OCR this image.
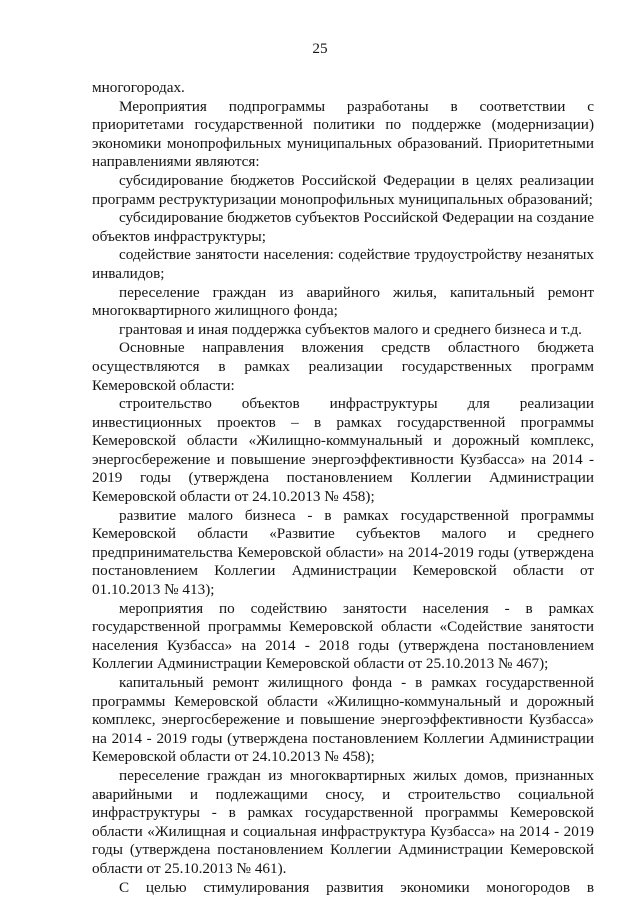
25

многогородах.

Мероприятия подпрограммы разработаны в соответствии с приоритетами государственной политики по поддержке (модернизации) экономики монопрофильных муниципальных образований. Приоритетными направлениями являются:

субсидирование бюджетов Российской Федерации в целях реализации программ реструктуризации монопрофильных муниципальных образований;

субсидирование бюджетов субъектов Российской Федерации на создание объектов инфраструктуры;

содействие занятости населения: содействие трудоустройству незанятых инвалидов;

переселение граждан из аварийного жилья, капитальный ремонт многоквартирного жилищного фонда;

грантовая и иная поддержка субъектов малого и среднего бизнеса и т.д.

Основные направления вложения средств областного бюджета осуществляются в рамках реализации государственных программ Кемеровской области:

строительство объектов инфраструктуры для реализации инвестиционных проектов – в рамках государственной программы Кемеровской области «Жилищно-коммунальный и дорожный комплекс, энергосбережение и повышение энергоэффективности Кузбасса» на 2014 - 2019 годы (утверждена постановлением Коллегии Администрации Кемеровской области от 24.10.2013 № 458);

развитие малого бизнеса - в рамках государственной программы Кемеровской области «Развитие субъектов малого и среднего предпринимательства Кемеровской области» на 2014-2019 годы (утверждена постановлением Коллегии Администрации Кемеровской области от 01.10.2013 № 413);

мероприятия по содействию занятости населения - в рамках государственной программы Кемеровской области «Содействие занятости населения Кузбасса» на 2014 - 2018 годы (утверждена постановлением Коллегии Администрации Кемеровской области от 25.10.2013 № 467);

капитальный ремонт жилищного фонда - в рамках государственной программы Кемеровской области «Жилищно-коммунальный и дорожный комплекс, энергосбережение и повышение энергоэффективности Кузбасса» на 2014 - 2019 годы (утверждена постановлением Коллегии Администрации Кемеровской области от 24.10.2013 № 458);

переселение граждан из многоквартирных жилых домов, признанных аварийными и подлежащими сносу, и строительство социальной инфраструктуры - в рамках государственной программы Кемеровской области «Жилищная и социальная инфраструктура Кузбасса» на 2014 - 2019 годы (утверждена постановлением Коллегии Администрации Кемеровской области от 25.10.2013 № 461).

С целью стимулирования развития экономики моногородов в
